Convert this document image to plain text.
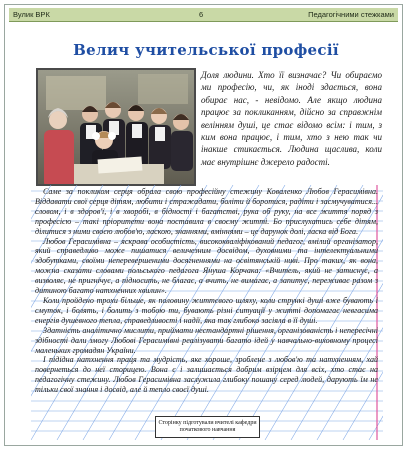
Вулик ВРК	6	Педагогічними стежками
Велич учительської професії
Доля людини. Хто її визначає? Чи обираємо ми професію, чи, як іноді здається, вона обирає нас, - невідомо. Але якщо людина працює за покликанням, дійсно за справжнім велінням душі, це стає відомо всім: і тим, з ким вона працює, і тим, хто з нею так чи інакше стикається. Людина щаслива, коли має внутрішнє джерело радості.

Саме за покликом серця обрала свою професійну стежину Коваленко Любов Герасимівна. Віддавати свої серця дітям, любити і стражадати, боліти й боротися, радіти і засмучуватися... словом, і в здоров'ї, і в хворобі, в бідності і багатстві, рука об руку, на все життя поряд з професією – такі пріоритети вона поставила в своєму житті. Бо прислухатись себе дітям, ділитися з ними своєю любов'ю, ласкою, знаннями, вміннями – це дарунок долі, ласка від Бога.

Любов Герасимівна – яскрава особистість, висококваліфікований педагог, вмілий організатор, який справедливо може пишатися величезним досвідом, духовними та інтелектуальними здобутками, своїми неперевершеними досягненнями на освітянській ниві. Про таких, як вона, можна сказати словами польського педагога Януша Корчака: «Вчитель, який не затиснує, а визволяє, не пригнічує, а підносить, не благає, а вчить, не вимагає, а запитує, переживає разом з дитиною багато натхненних хвилин».

Коли пройдено трохи більше, як половину життєвого шляху, коли стрункі душі вже бувають і смуток, і болять, і болить з тобою ти, бувають різні ситуації у житті допомагає невгасима енергія душевного тепла, справедливості і надії, яка так глибоко засіяла в її душі.

Здатність аналітично мислити, приймати нестандартні рішення, організованість і непересічні здібності дали змогу Любові Герасимівні реалізувати багато ідей у навчально-виховному процесі маленьких громадян України.

І підідна натхнення праця та мудрість, яке хороше, зроблене з любов'ю та натхненням, хай повернеться до неї сторицею. Вона є і залишається добрим взірцем для всіх, хто стає на педагогічну стежину. Любов Герасимівна заслужила глибоку пошану серед людей, дарують їм не тільки свої знання і досвід, але й тепло своєї душі.

Сторінку підготували вчителі кафедри початкового навчання
